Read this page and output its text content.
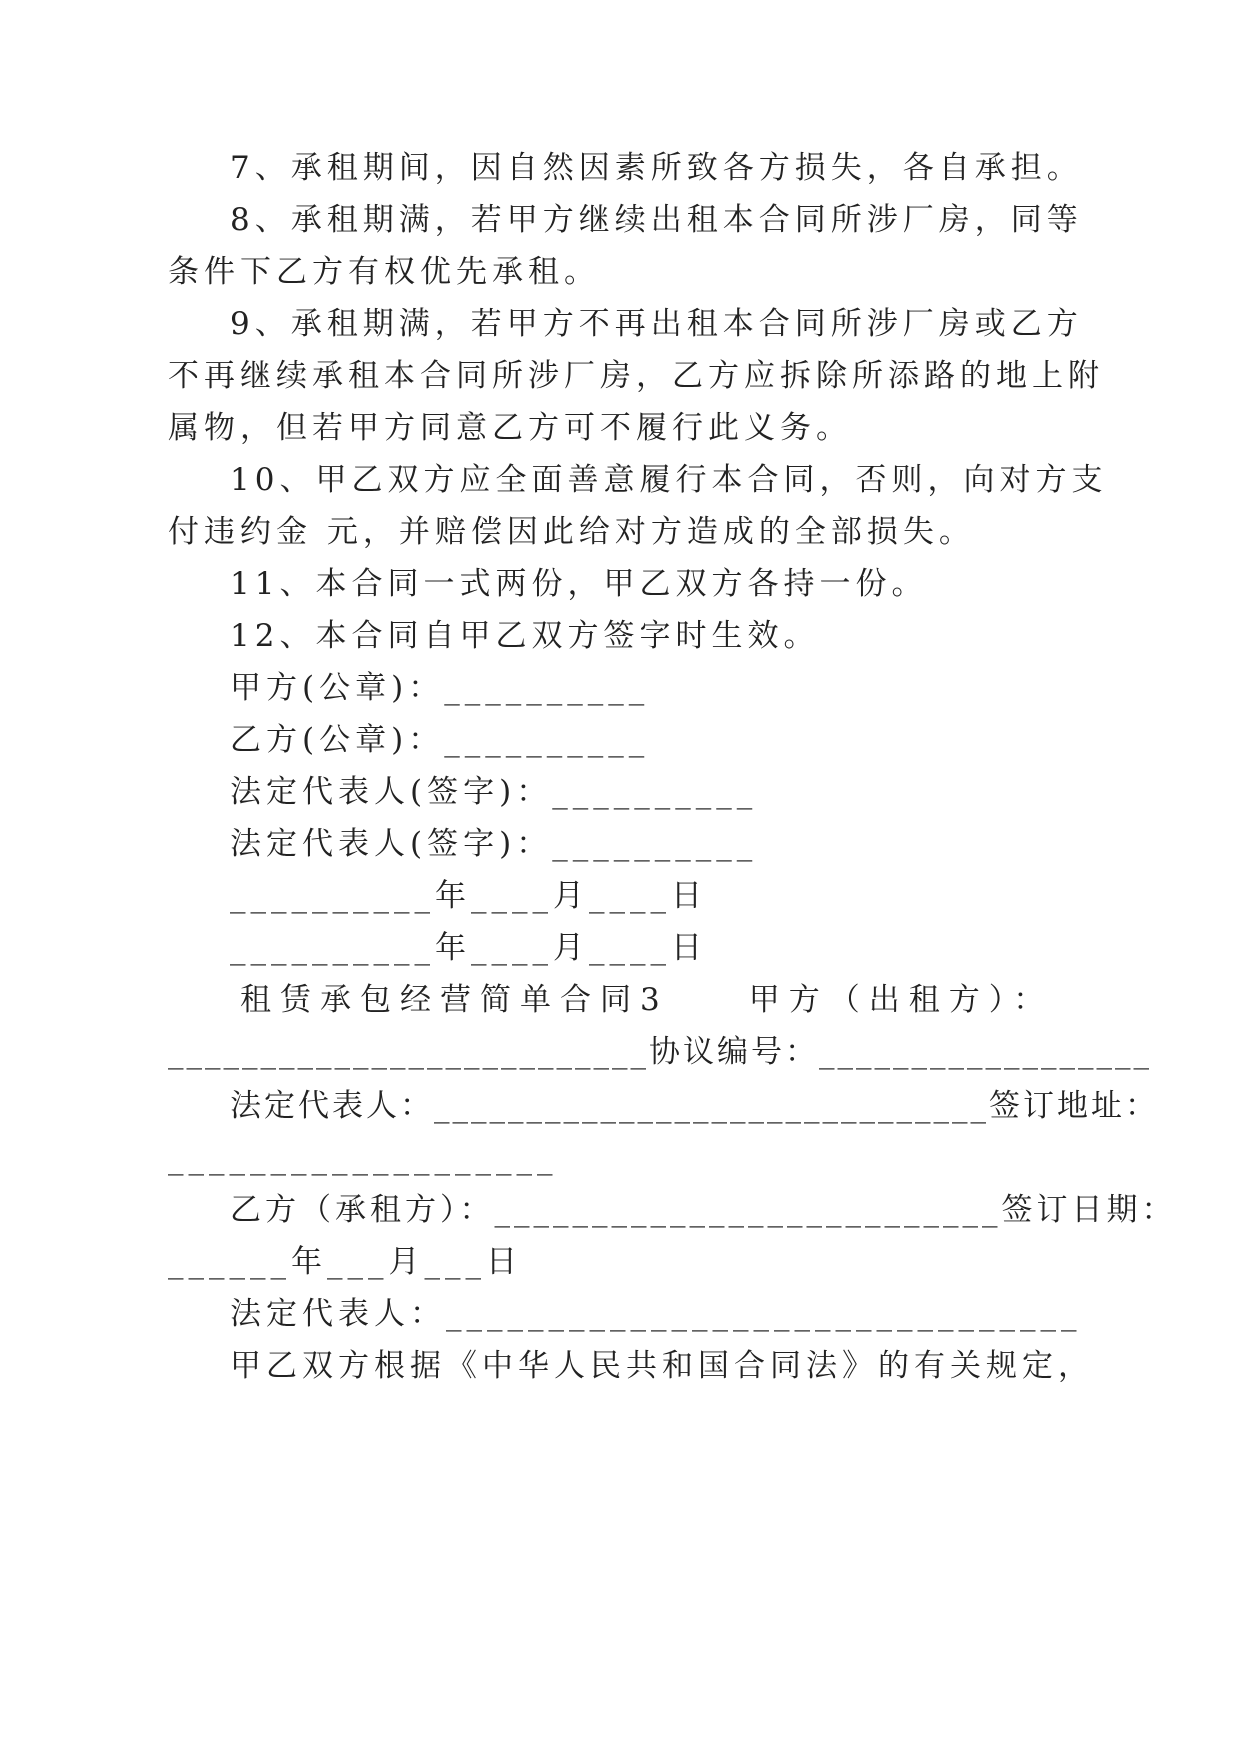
7、承租期间，因自然因素所致各方损失，各自承担。
8、承租期满，若甲方继续出租本合同所涉厂房，同等
条件下乙方有权优先承租。
9、承租期满，若甲方不再出租本合同所涉厂房或乙方
不再继续承租本合同所涉厂房，乙方应拆除所添路的地上附
属物，但若甲方同意乙方可不履行此义务。
10、甲乙双方应全面善意履行本合同，否则，向对方支
付违约金 元，并赔偿因此给对方造成的全部损失。
11、本合同一式两份，甲乙双方各持一份。
12、本合同自甲乙双方签字时生效。
甲方(公章)：__________
乙方(公章)：__________
法定代表人(签字)：__________
法定代表人(签字)：__________
__________年____月____日
__________年____月____日
租赁承包经营简单合同3　　甲方（出租方）：
__________________________协议编号：__________________
法定代表人：______________________________签订地址：
___________________
乙方（承租方）：__________________________签订日期：
______年___月___日
法定代表人：_______________________________
甲乙双方根据《中华人民共和国合同法》的有关规定，
